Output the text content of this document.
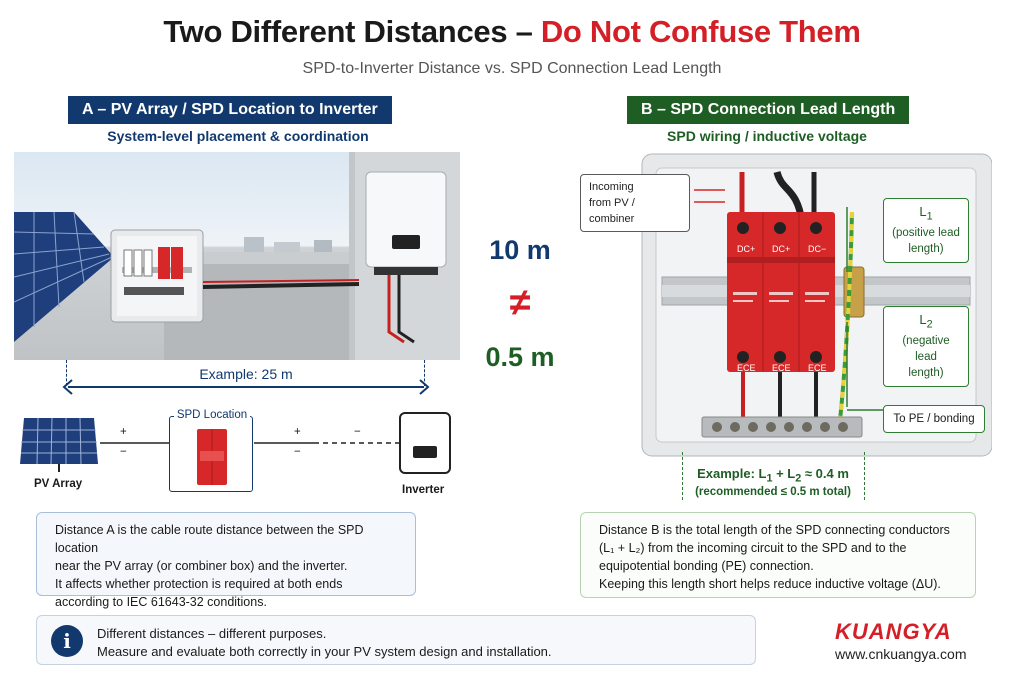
Two Different Distances – Do Not Confuse Them
SPD-to-Inverter Distance vs. SPD Connection Lead Length
A – PV Array / SPD Location to Inverter
System-level placement & coordination
B – SPD Connection Lead Length
SPD wiring / inductive voltage
Example: 25 m
PV Array
+
−
SPD Location
+
−
−
Inverter
10 m
≠
0.5 m
DC+ DC+ DC−
ECE ECE ECE
Incoming
from PV / combiner	$L_1$
(positive lead
length)
$L_2$
(negative lead
length)
To PE / bonding
Example: $L_1 + L_2 \approx 0.4$ m
(recommended ≤ 0.5 m total)
Distance A is the cable route distance between the SPD location
near the PV array (or combiner box) and the inverter.
It affects whether protection is required at both ends
according to IEC 61643-32 conditions.
Distance B is the total length of the SPD connecting conductors
(L₁ + L₂) from the incoming circuit to the SPD and to the
equipotential bonding (PE) connection.
Keeping this length short helps reduce inductive voltage (ΔU).
i	Different distances – different purposes.
Measure and evaluate both correctly in your PV system design and installation.
KUANGYA
www.cnkuangya.com
